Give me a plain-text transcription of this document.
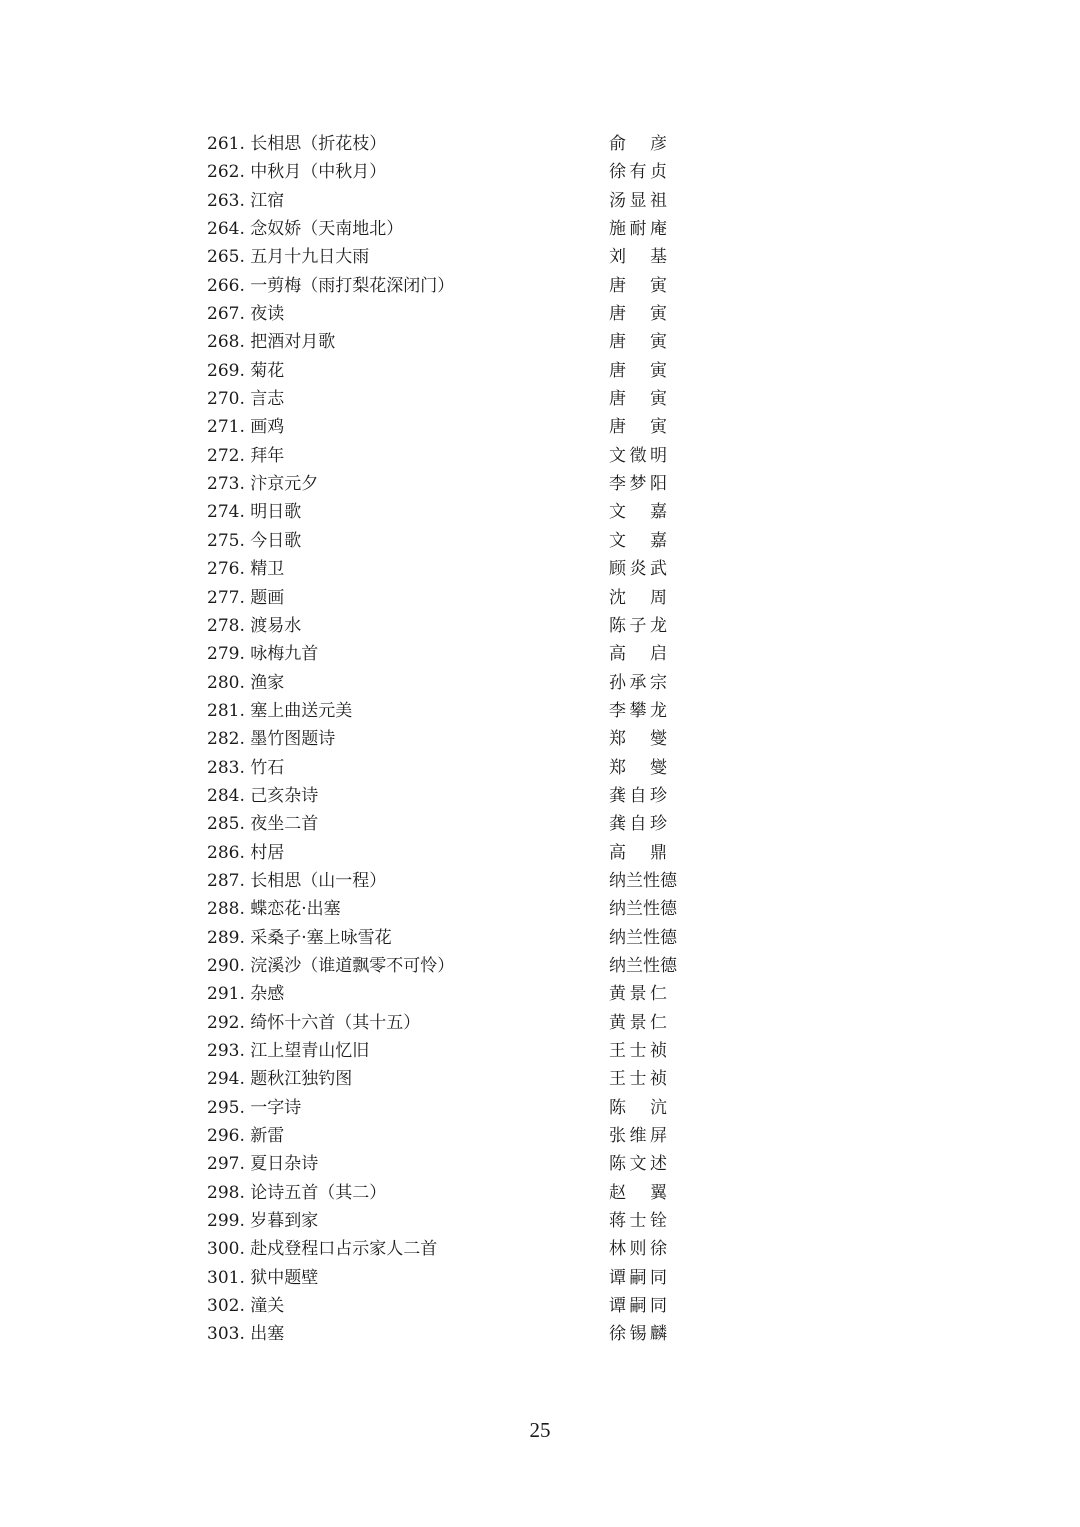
261. 长相思（折花枝）	俞 彦
262. 中秋月（中秋月）	徐有贞
263. 江宿	汤显祖
264. 念奴娇（天南地北）	施耐庵
265. 五月十九日大雨	刘 基
266. 一剪梅（雨打梨花深闭门）	唐 寅
267. 夜读	唐 寅
268. 把酒对月歌	唐 寅
269. 菊花	唐 寅
270. 言志	唐 寅
271. 画鸡	唐 寅
272. 拜年	文徵明
273. 汴京元夕	李梦阳
274. 明日歌	文 嘉
275. 今日歌	文 嘉
276. 精卫	顾炎武
277. 题画	沈 周
278. 渡易水	陈子龙
279. 咏梅九首	高 启
280. 渔家	孙承宗
281. 塞上曲送元美	李攀龙
282. 墨竹图题诗	郑 燮
283. 竹石	郑 燮
284. 己亥杂诗	龚自珍
285. 夜坐二首	龚自珍
286. 村居	高 鼎
287. 长相思（山一程）	纳兰性德
288. 蝶恋花·出塞	纳兰性德
289. 采桑子·塞上咏雪花	纳兰性德
290. 浣溪沙（谁道飘零不可怜）	纳兰性德
291. 杂感	黄景仁
292. 绮怀十六首（其十五）	黄景仁
293. 江上望青山忆旧	王士祯
294. 题秋江独钓图	王士祯
295. 一字诗	陈 沆
296. 新雷	张维屏
297. 夏日杂诗	陈文述
298. 论诗五首（其二）	赵 翼
299. 岁暮到家	蒋士铨
300. 赴戍登程口占示家人二首	林则徐
301. 狱中题壁	谭嗣同
302. 潼关	谭嗣同
303. 出塞	徐锡麟
25
